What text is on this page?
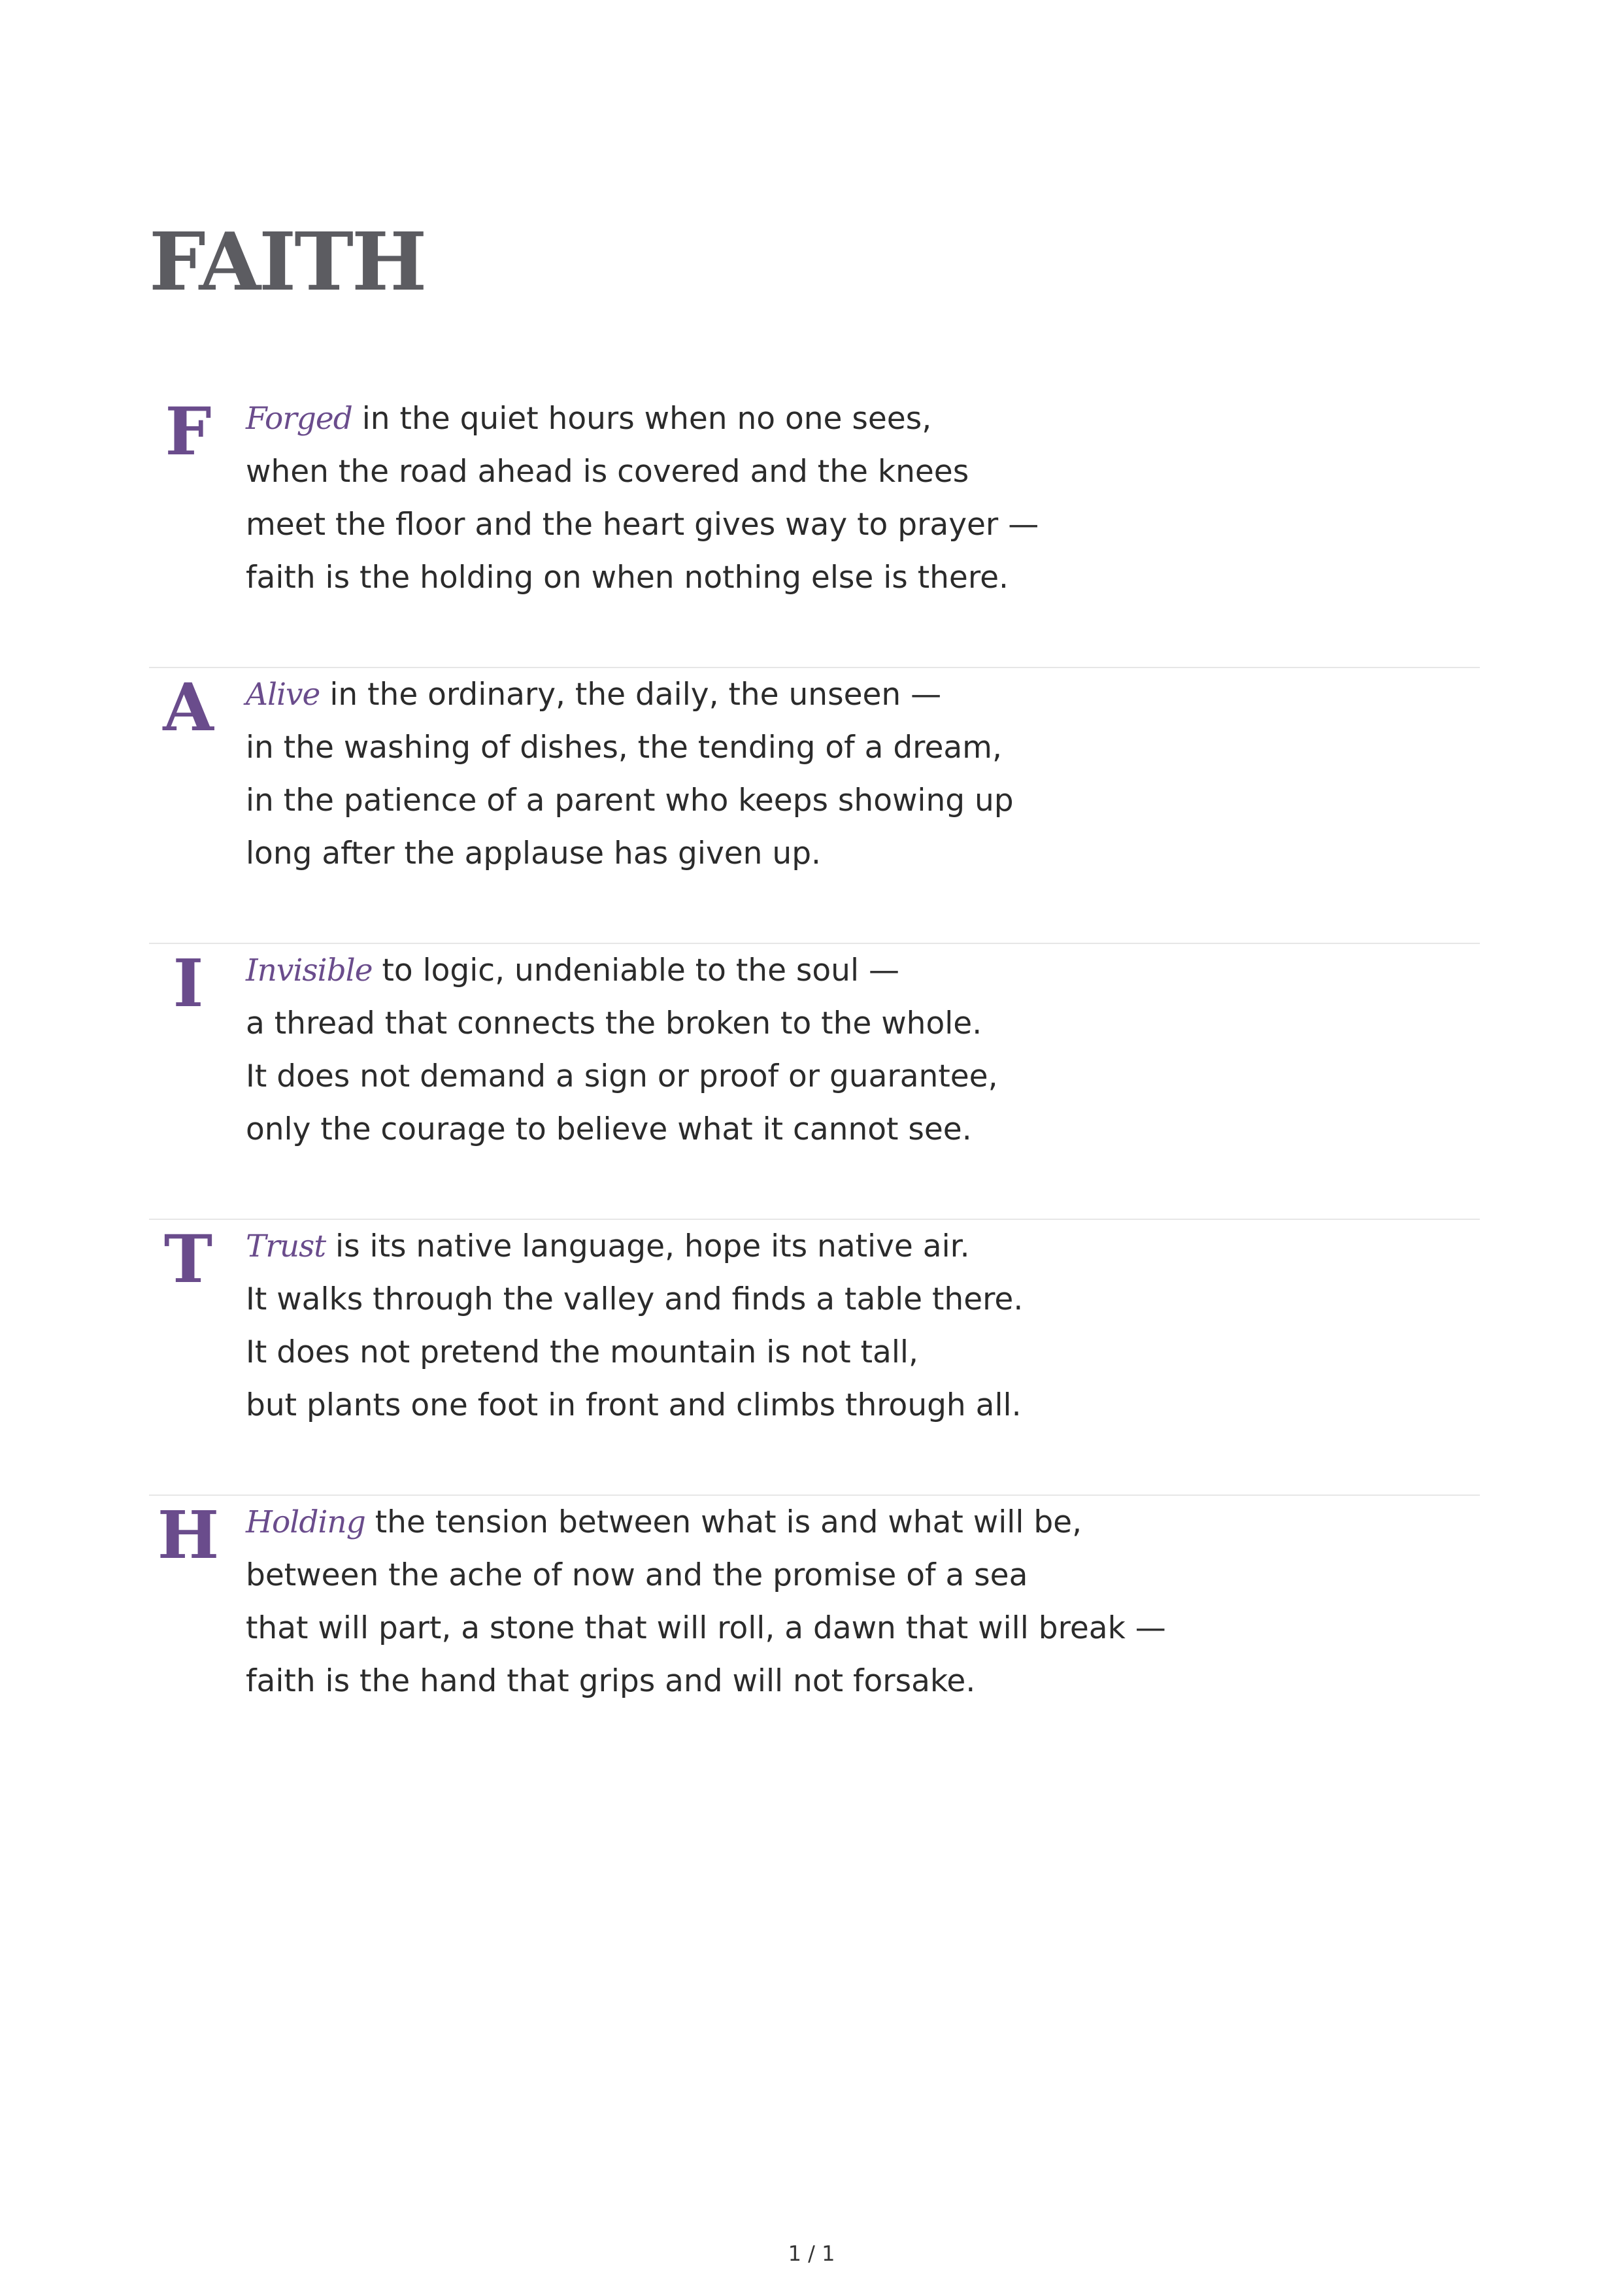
FAITH
F	Forged in the quiet hours when no one sees,
when the road ahead is covered and the knees
meet the floor and the heart gives way to prayer —
faith is the holding on when nothing else is there.
A	Alive in the ordinary, the daily, the unseen —
in the washing of dishes, the tending of a dream,
in the patience of a parent who keeps showing up
long after the applause has given up.
I	Invisible to logic, undeniable to the soul —
a thread that connects the broken to the whole.
It does not demand a sign or proof or guarantee,
only the courage to believe what it cannot see.
T	Trust is its native language, hope its native air.
It walks through the valley and finds a table there.
It does not pretend the mountain is not tall,
but plants one foot in front and climbs through all.
H Holding the tension between what is and what will be,
between the ache of now and the promise of a sea
that will part, a stone that will roll, a dawn that will break —
faith is the hand that grips and will not forsake.
1 / 1
